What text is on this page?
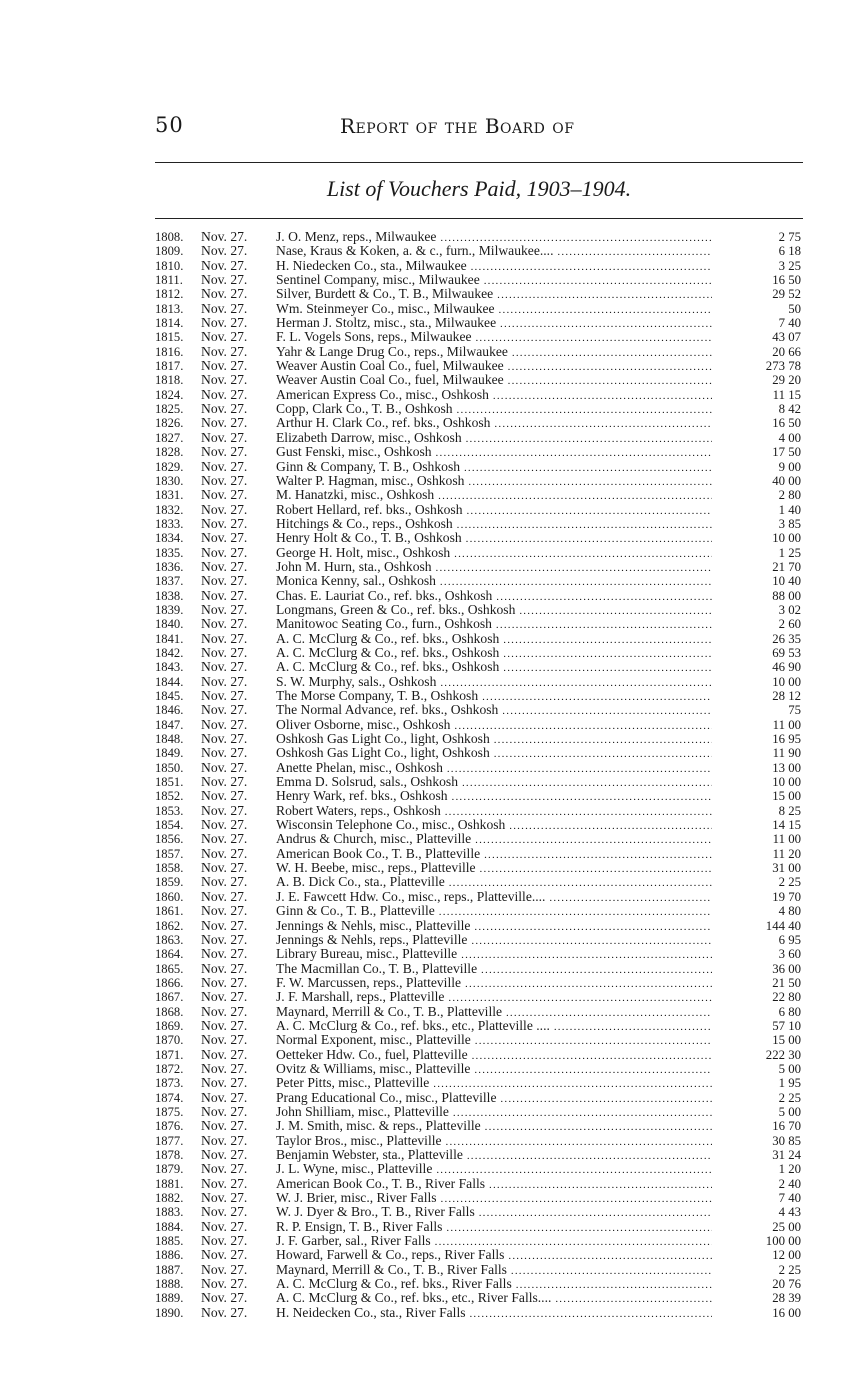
50	Report of the Board of
List of Vouchers Paid, 1903–1904.
1808.	Nov. 27.	J. O. Menz, reps., Milwaukee .....	2 75
1809.	Nov. 27.	Nase, Kraus & Koken, a. & c., furn., Milwaukee.... .....	6 18
1810.	Nov. 27.	H. Niedecken Co., sta., Milwaukee .....	3 25
1811.	Nov. 27.	Sentinel Company, misc., Milwaukee .....	16 50
1812.	Nov. 27.	Silver, Burdett & Co., T. B., Milwaukee .....	29 52
1813.	Nov. 27.	Wm. Steinmeyer Co., misc., Milwaukee .....	50
1814.	Nov. 27.	Herman J. Stoltz, misc., sta., Milwaukee .....	7 40
1815.	Nov. 27.	F. L. Vogels Sons, reps., Milwaukee .....	43 07
1816.	Nov. 27.	Yahr & Lange Drug Co., reps., Milwaukee .....	20 66
1817.	Nov. 27.	Weaver Austin Coal Co., fuel, Milwaukee .....	273 78
1818.	Nov. 27.	Weaver Austin Coal Co., fuel, Milwaukee .....	29 20
1824.	Nov. 27.	American Express Co., misc., Oshkosh .....	11 15
1825.	Nov. 27.	Copp, Clark Co., T. B., Oshkosh .....	8 42
1826.	Nov. 27.	Arthur H. Clark Co., ref. bks., Oshkosh .....	16 50
1827.	Nov. 27.	Elizabeth Darrow, misc., Oshkosh .....	4 00
1828.	Nov. 27.	Gust Fenski, misc., Oshkosh .....	17 50
1829.	Nov. 27.	Ginn & Company, T. B., Oshkosh .....	9 00
1830.	Nov. 27.	Walter P. Hagman, misc., Oshkosh .....	40 00
1831.	Nov. 27.	M. Hanatzki, misc., Oshkosh .....	2 80
1832.	Nov. 27.	Robert Hellard, ref. bks., Oshkosh .....	1 40
1833.	Nov. 27.	Hitchings & Co., reps., Oshkosh .....	3 85
1834.	Nov. 27.	Henry Holt & Co., T. B., Oshkosh .....	10 00
1835.	Nov. 27.	George H. Holt, misc., Oshkosh .....	1 25
1836.	Nov. 27.	John M. Hurn, sta., Oshkosh .....	21 70
1837.	Nov. 27.	Monica Kenny, sal., Oshkosh .....	10 40
1838.	Nov. 27.	Chas. E. Lauriat Co., ref. bks., Oshkosh .....	88 00
1839.	Nov. 27.	Longmans, Green & Co., ref. bks., Oshkosh .....	3 02
1840.	Nov. 27.	Manitowoc Seating Co., furn., Oshkosh .....	2 60
1841.	Nov. 27.	A. C. McClurg & Co., ref. bks., Oshkosh .....	26 35
1842.	Nov. 27.	A. C. McClurg & Co., ref. bks., Oshkosh .....	69 53
1843.	Nov. 27.	A. C. McClurg & Co., ref. bks., Oshkosh .....	46 90
1844.	Nov. 27.	S. W. Murphy, sals., Oshkosh .....	10 00
1845.	Nov. 27.	The Morse Company, T. B., Oshkosh .....	28 12
1846.	Nov. 27.	The Normal Advance, ref. bks., Oshkosh .....	75
1847.	Nov. 27.	Oliver Osborne, misc., Oshkosh .....	11 00
1848.	Nov. 27.	Oshkosh Gas Light Co., light, Oshkosh .....	16 95
1849.	Nov. 27.	Oshkosh Gas Light Co., light, Oshkosh .....	11 90
1850.	Nov. 27.	Anette Phelan, misc., Oshkosh .....	13 00
1851.	Nov. 27.	Emma D. Solsrud, sals., Oshkosh .....	10 00
1852.	Nov. 27.	Henry Wark, ref. bks., Oshkosh .....	15 00
1853.	Nov. 27.	Robert Waters, reps., Oshkosh .....	8 25
1854.	Nov. 27.	Wisconsin Telephone Co., misc., Oshkosh .....	14 15
1856.	Nov. 27.	Andrus & Church, misc., Platteville .....	11 00
1857.	Nov. 27.	American Book Co., T. B., Platteville .....	11 20
1858.	Nov. 27.	W. H. Beebe, misc., reps., Platteville .....	31 00
1859.	Nov. 27.	A. B. Dick Co., sta., Platteville .....	2 25
1860.	Nov. 27.	J. E. Fawcett Hdw. Co., misc., reps., Platteville.... .....	19 70
1861.	Nov. 27.	Ginn & Co., T. B., Platteville .....	4 80
1862.	Nov. 27.	Jennings & Nehls, misc., Platteville .....	144 40
1863.	Nov. 27.	Jennings & Nehls, reps., Platteville .....	6 95
1864.	Nov. 27.	Library Bureau, misc., Platteville .....	3 60
1865.	Nov. 27.	The Macmillan Co., T. B., Platteville .....	36 00
1866.	Nov. 27.	F. W. Marcussen, reps., Platteville .....	21 50
1867.	Nov. 27.	J. F. Marshall, reps., Platteville .....	22 80
1868.	Nov. 27.	Maynard, Merrill & Co., T. B., Platteville .....	6 80
1869.	Nov. 27.	A. C. McClurg & Co., ref. bks., etc., Platteville .... .....	57 10
1870.	Nov. 27.	Normal Exponent, misc., Platteville .....	15 00
1871.	Nov. 27.	Oetteker Hdw. Co., fuel, Platteville .....	222 30
1872.	Nov. 27.	Ovitz & Williams, misc., Platteville .....	5 00
1873.	Nov. 27.	Peter Pitts, misc., Platteville .....	1 95
1874.	Nov. 27.	Prang Educational Co., misc., Platteville .....	2 25
1875.	Nov. 27.	John Shilliam, misc., Platteville .....	5 00
1876.	Nov. 27.	J. M. Smith, misc. & reps., Platteville .....	16 70
1877.	Nov. 27.	Taylor Bros., misc., Platteville .....	30 85
1878.	Nov. 27.	Benjamin Webster, sta., Platteville .....	31 24
1879.	Nov. 27.	J. L. Wyne, misc., Platteville .....	1 20
1881.	Nov. 27.	American Book Co., T. B., River Falls .....	2 40
1882.	Nov. 27.	W. J. Brier, misc., River Falls .....	7 40
1883.	Nov. 27.	W. J. Dyer & Bro., T. B., River Falls .....	4 43
1884.	Nov. 27.	R. P. Ensign, T. B., River Falls .....	25 00
1885.	Nov. 27.	J. F. Garber, sal., River Falls .....	100 00
1886.	Nov. 27.	Howard, Farwell & Co., reps., River Falls .....	12 00
1887.	Nov. 27.	Maynard, Merrill & Co., T. B., River Falls .....	2 25
1888.	Nov. 27.	A. C. McClurg & Co., ref. bks., River Falls .....	20 76
1889.	Nov. 27.	A. C. McClurg & Co., ref. bks., etc., River Falls.... .....	28 39
1890.	Nov. 27.	H. Neidecken Co., sta., River Falls .....	16 00
